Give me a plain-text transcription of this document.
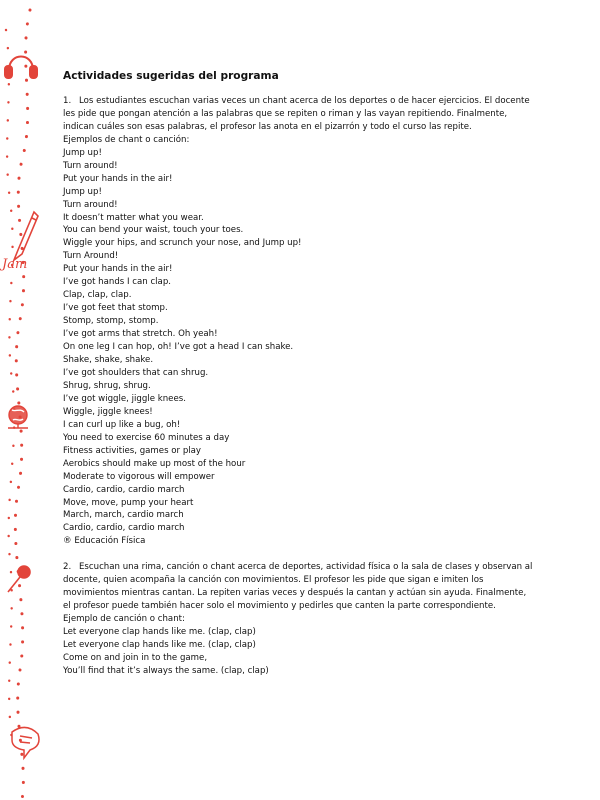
Jam
Actividades sugeridas del programa

1. Los estudiantes escuchan varias veces un chant acerca de los deportes o de hacer ejercicios. El docente les pide que pongan atención a las palabras que se repiten o riman y las vayan repitiendo. Finalmente, indican cuáles son esas palabras, el profesor las anota en el pizarrón y todo el curso las repite.

Ejemplos de chant o canción:

Jump up!

Turn around!

Put your hands in the air!

Jump up!

Turn around!

It doesn’t matter what you wear.

You can bend your waist, touch your toes.

Wiggle your hips, and scrunch your nose, and Jump up!

Turn Around!

Put your hands in the air!

I’ve got hands I can clap.

Clap, clap, clap.

I’ve got feet that stomp.

Stomp, stomp, stomp.

I’ve got arms that stretch. Oh yeah!

On one leg I can hop, oh! I’ve got a head I can shake.

Shake, shake, shake.

I’ve got shoulders that can shrug.

Shrug, shrug, shrug.

I’ve got wiggle, jiggle knees.

Wiggle, jiggle knees!

I can curl up like a bug, oh!

You need to exercise 60 minutes a day

Fitness activities, games or play

Aerobics should make up most of the hour

Moderate to vigorous will empower

Cardio, cardio, cardio march

Move, move, pump your heart

March, march, cardio march

Cardio, cardio, cardio march

® Educación Física

2. Escuchan una rima, canción o chant acerca de deportes, actividad física o la sala de clases y observan al docente, quien acompaña la canción con movimientos. El profesor les pide que sigan e imiten los movimientos mientras cantan. La repiten varias veces y después la cantan y actúan sin ayuda. Finalmente, el profesor puede también hacer solo el movimiento y pedirles que canten la parte correspondiente.

Ejemplo de canción o chant:

Let everyone clap hands like me. (clap, clap)

Let everyone clap hands like me. (clap, clap)

Come on and join in to the game,

You’ll find that it’s always the same. (clap, clap)
